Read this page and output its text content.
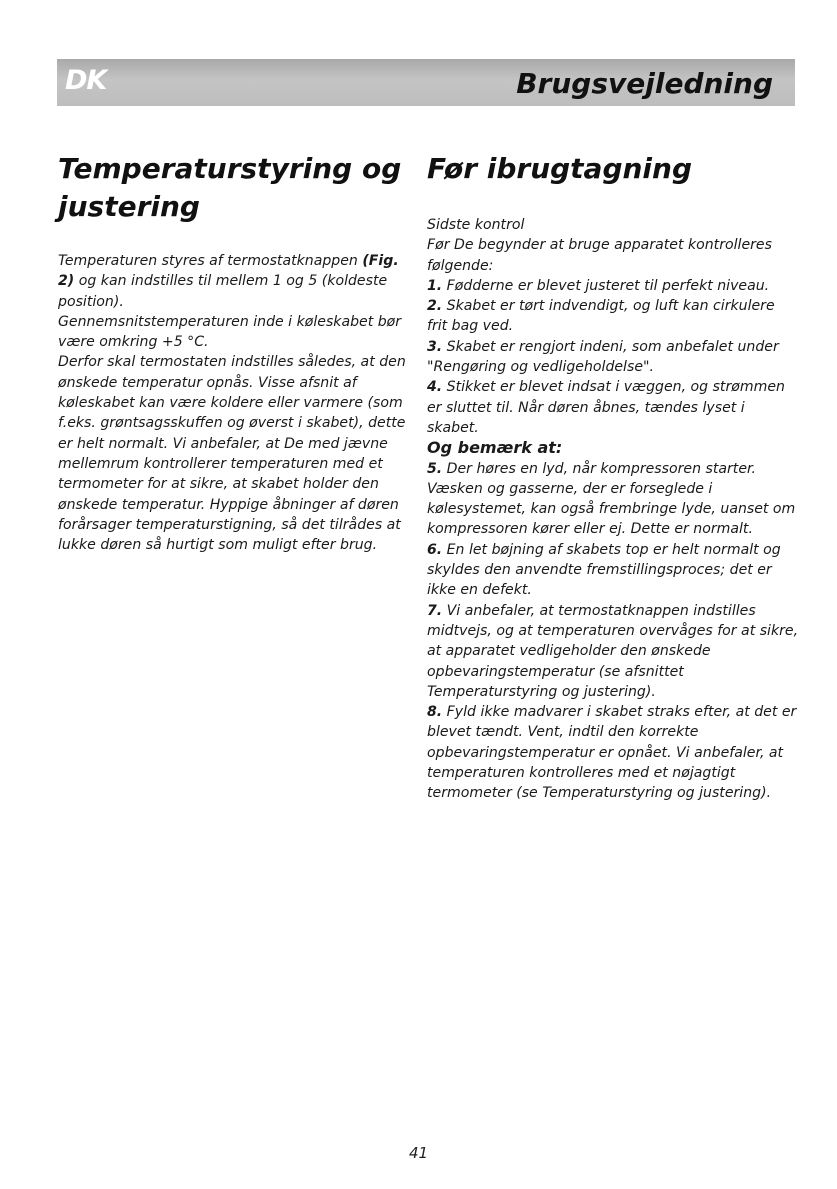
DK	Brugsvejledning
Temperaturstyring og justering
Temperaturen styres af termostatknappen (Fig. 2) og kan indstilles til mellem 1 og 5 (koldeste position).
Gennemsnitstemperaturen inde i køleskabet bør være omkring +5 °C.
Derfor skal termostaten indstilles således, at den ønskede temperatur opnås. Visse afsnit af køleskabet kan være koldere eller varmere (som f.eks. grøntsagsskuffen og øverst i skabet), dette er helt normalt. Vi anbefaler, at De med jævne mellemrum kontrollerer temperaturen med et termometer for at sikre, at skabet holder den ønskede temperatur. Hyppige åbninger af døren forårsager temperaturstigning, så det tilrådes at lukke døren så hurtigt som muligt efter brug.
Før ibrugtagning
Sidste kontrol
Før De begynder at bruge apparatet kontrolleres følgende:
1. Fødderne er blevet justeret til perfekt niveau.
2. Skabet er tørt indvendigt, og luft kan cirkulere frit bag ved.
3. Skabet er rengjort indeni, som anbefalet under "Rengøring og vedligeholdelse".
4. Stikket er blevet indsat i væggen, og strømmen er sluttet til. Når døren åbnes, tændes lyset i skabet.
Og bemærk at:
5. Der høres en lyd, når kompressoren starter. Væsken og gasserne, der er forseglede i kølesystemet, kan også frembringe lyde, uanset om kompressoren kører eller ej. Dette er normalt.
6. En let bøjning af skabets top er helt normalt og skyldes den anvendte fremstillingsproces; det er ikke en defekt.
7. Vi anbefaler, at termostatknappen indstilles midtvejs, og at temperaturen overvåges for at sikre, at apparatet vedligeholder den ønskede opbevaringstemperatur (se afsnittet Temperaturstyring og justering).
8. Fyld ikke madvarer i skabet straks efter, at det er blevet tændt. Vent, indtil den korrekte opbevaringstemperatur er opnået. Vi anbefaler, at temperaturen kontrolleres med et nøjagtigt termometer (se Temperaturstyring og justering).
41
